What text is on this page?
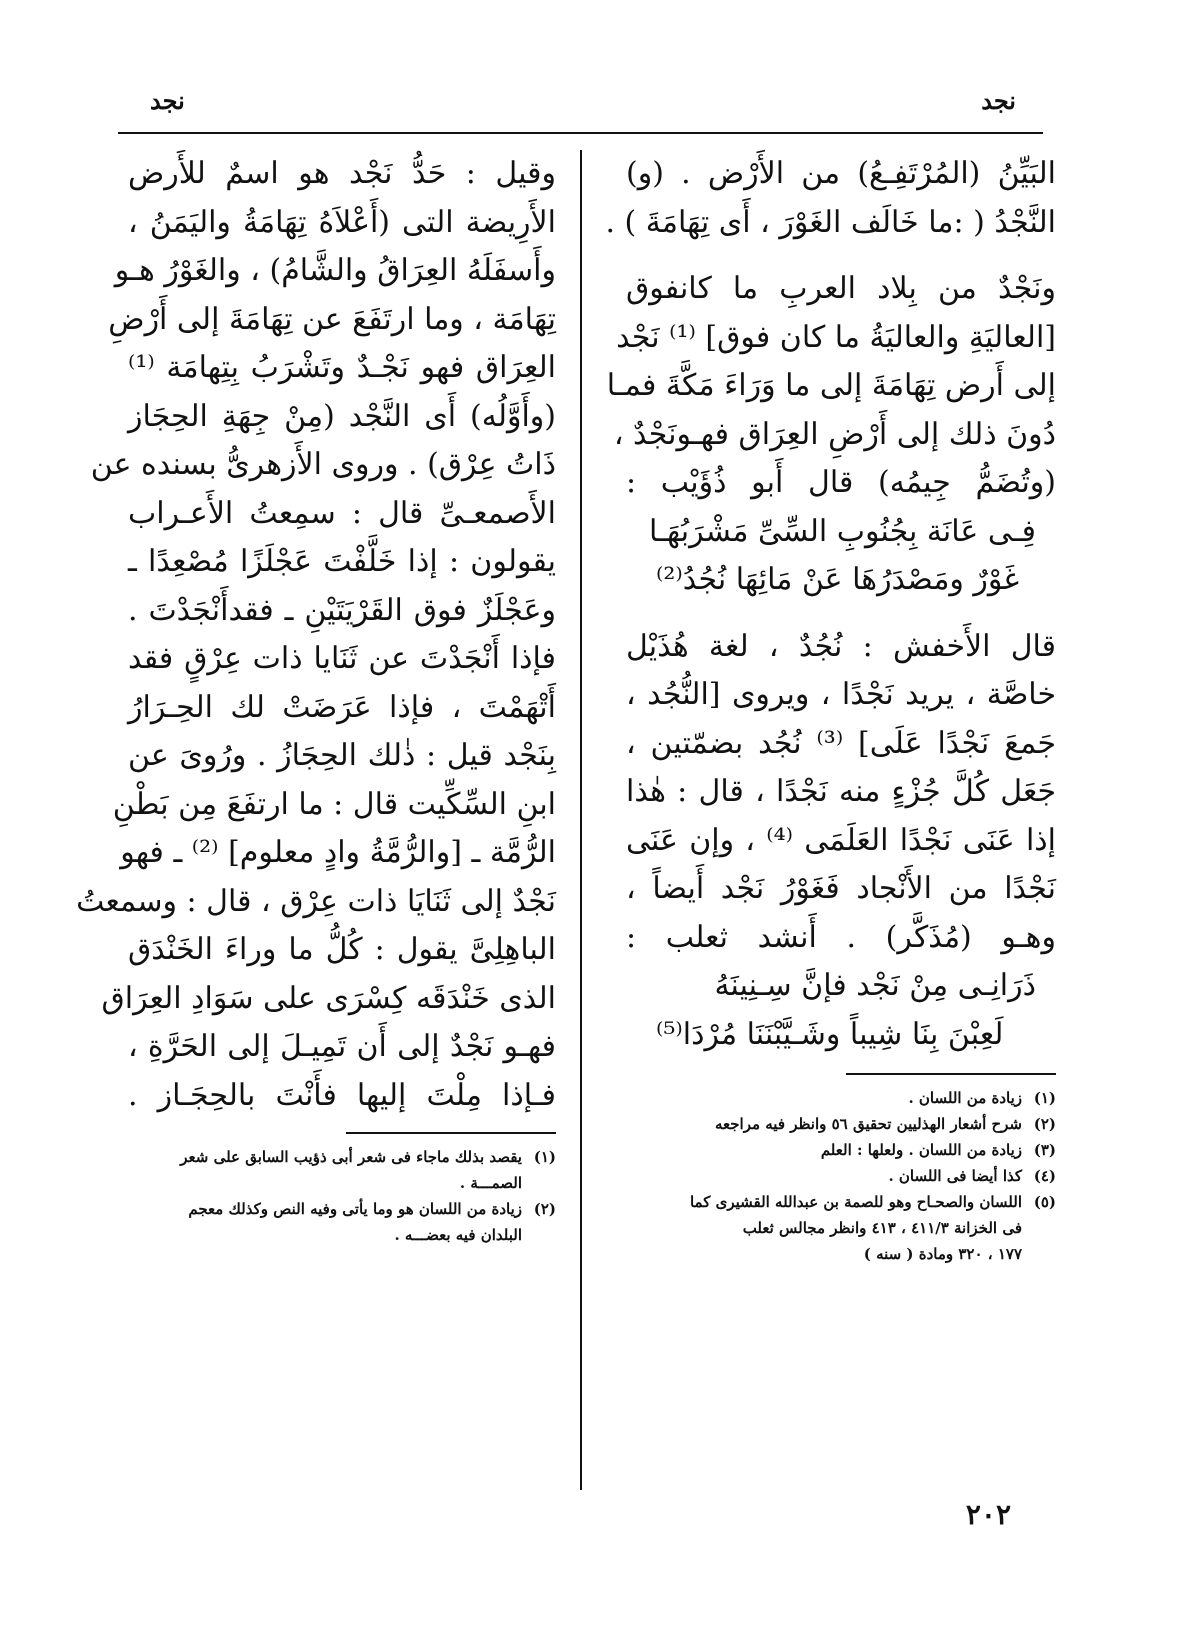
نجد
نجد
البَيِّنُ (المُرْتَفِـعُ) من الأَرْض . (و)
النَّجْدُ ( :ما خَالَف الغَوْرَ ، أَى تِهَامَةَ ) .
ونَجْدٌ من بِلاد العربِ ما كانفوق
[العاليَةِ والعاليَةُ ما كان فوق] ⁽¹⁾ نَجْد
إلى أَرض تِهَامَةَ إلى ما وَرَاءَ مَكَّةَ فمـا
دُونَ ذلك إلى أَرْضِ العِرَاق فهـونَجْدٌ ،
(وتُضَمُّ جِيمُه) قال أَبو ذُؤَيْب :
فِـى عَانَة بِجُنُوبِ السِّىِّ مَشْرَبُهَـا
غَوْرٌ ومَصْدَرُهَا عَنْ مَائِهَا نُجُدُ⁽²⁾
قال الأَخفش : نُجُدٌ ، لغة هُذَيْل
خاصَّة ، يريد نَجْدًا ، ويروى [النُّجُد ،
جَمعَ نَجْدًا عَلَى] ⁽³⁾ نُجُد بضمّتين ،
جَعَل كُلَّ جُزْءٍ منه نَجْدًا ، قال : هٰذا
إذا عَنَى نَجْدًا العَلَمَى ⁽⁴⁾ ، وإن عَنَى
نَجْدًا من الأَنْجاد فَغَوْرُ نَجْد أَيضاً ،
وهـو (مُذَكَّر) . أَنشد ثعلب :
ذَرَانِـى مِنْ نَجْد فإنَّ سِـنِينَهُ
لَعِبْنَ بِنَا شِيباً وشَـيَّبْنَنَا مُرْدَا⁽⁵⁾
(١)
زيادة من اللسان .
(٢)
شرح أشعار الهذليين تحقيق ٥٦ وانظر فيه مراجعه
(٣)
زيادة من اللسان . ولعلها : العلم
(٤)
كذا أيضا فى اللسان .
(٥)
اللسان والصحـاح وهو للصمة بن عبدالله القشيرى كما
فى الخزانة ٤١١/٣ ، ٤١٣ وانظر مجالس ثعلب
١٧٧ ، ٣٢٠ ومادة ( سنه )
وقيل : حَدُّ نَجْد هو اسمٌ للأَرض
الأَرِيضة التى (أَعْلاَهُ تِهَامَةُ واليَمَنُ ،
وأَسفَلَهُ العِرَاقُ والشَّامُ) ، والغَوْرُ هـو
تِهَامَة ، وما ارتَفَعَ عن تِهَامَةَ إلى أَرْضِ
العِرَاق فهو نَجْـدٌ وتَشْرَبُ بِتِهامَة ⁽¹⁾
(وأَوَّلُه) أَى النَّجْد (مِنْ جِهَةِ الحِجَاز
ذَاتُ عِرْق) . وروى الأَزهرىُّ بسنده عن
الأَصمعـىِّ قال : سمِعتُ الأَعـراب
يقولون : إذا خَلَّفْتَ عَجْلَزًا مُصْعِدًا ـ
وعَجْلَزٌ فوق القَرْيَتَيْنِ ـ فقدأَنْجَدْتَ .
فإذا أَنْجَدْتَ عن ثَنَايا ذات عِرْقٍ فقد
أَتْهَمْتَ ، فإذا عَرَضَتْ لك الحِـرَارُ
بِنَجْد قيل : ذٰلك الحِجَازُ . ورُوىَ عن
ابنِ السِّكِّيت قال : ما ارتفَعَ مِن بَطْنِ
الرُّمَّة ـ [والرُّمَّةُ وادٍ معلوم] ⁽²⁾ ـ فهو
نَجْدٌ إلى ثَنَايَا ذات عِرْق ، قال : وسمعتُ
الباهِلِىَّ يقول : كُلُّ ما وراءَ الخَنْدَق
الذى خَنْدَقَه كِسْرَى على سَوَادِ العِرَاق
فهـو نَجْدٌ إلى أَن تَمِيـلَ إلى الحَرَّةِ ،
فـإذا مِلْتَ إليها فأَنْتَ بالحِجَـاز .
(١)
يقصد بذلك ماجاء فى شعر أبى ذؤيب السابق على شعر
الصمـــة .
(٢)
زيادة من اللسان هو وما يأتى وفيه النص وكذلك معجم
البلدان فيه بعضـــه .
٢٠٢
